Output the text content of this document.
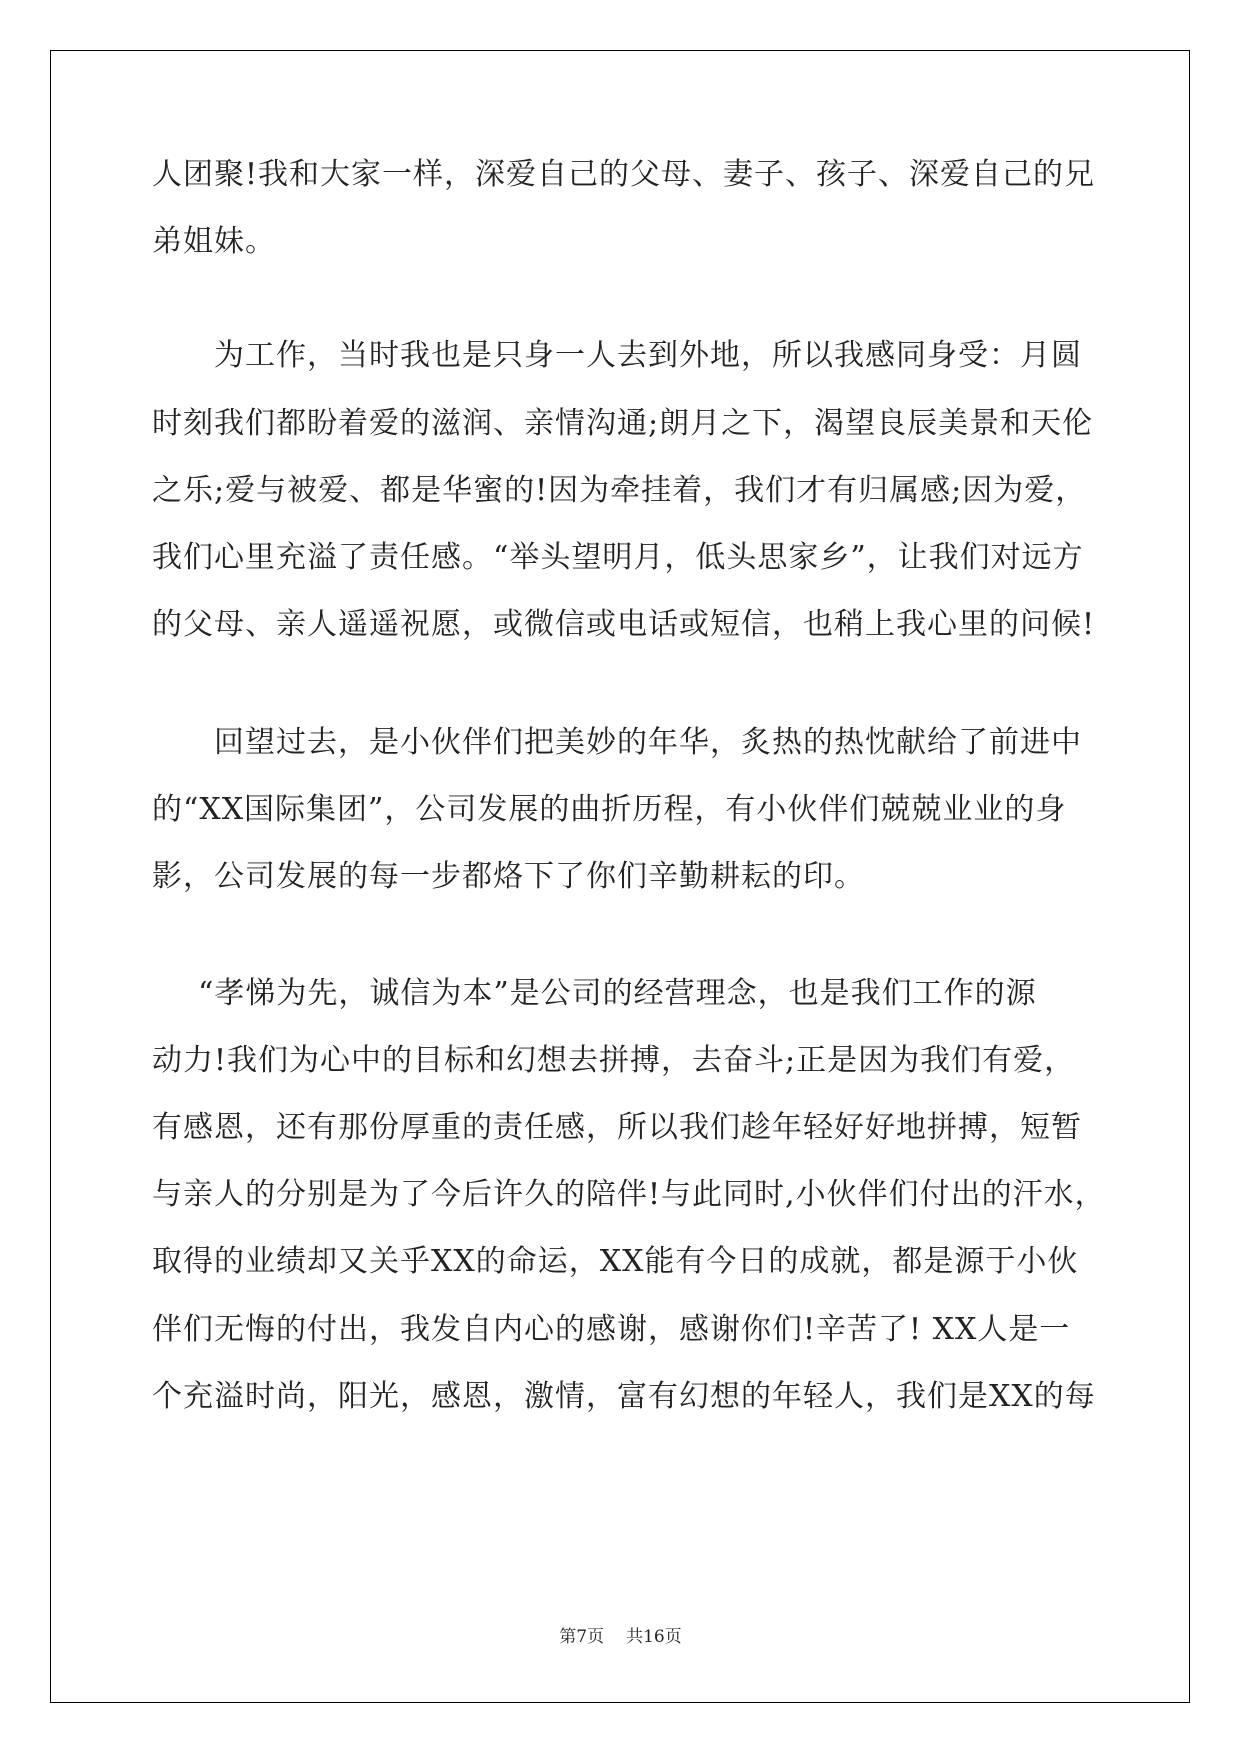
人团聚!我和大家一样，深爱自己的父母、妻子、孩子、深爱自己的兄
弟姐妹。
为工作，当时我也是只身一人去到外地，所以我感同身受：月圆
时刻我们都盼着爱的滋润、亲情沟通;朗月之下，渴望良辰美景和天伦
之乐;爱与被爱、都是华蜜的!因为牵挂着，我们才有归属感;因为爱，
我们心里充溢了责任感。“举头望明月，低头思家乡”，让我们对远方
的父母、亲人遥遥祝愿，或微信或电话或短信，也稍上我心里的问候!
回望过去，是小伙伴们把美妙的年华，炙热的热忱献给了前进中
的“XX国际集团”，公司发展的曲折历程，有小伙伴们兢兢业业的身
影，公司发展的每一步都烙下了你们辛勤耕耘的印。
“孝悌为先，诚信为本”是公司的经营理念，也是我们工作的源
动力!我们为心中的目标和幻想去拼搏，去奋斗;正是因为我们有爱，
有感恩，还有那份厚重的责任感，所以我们趁年轻好好地拼搏，短暂
与亲人的分别是为了今后许久的陪伴!与此同时,小伙伴们付出的汗水，
取得的业绩却又关乎XX的命运，XX能有今日的成就，都是源于小伙
伴们无悔的付出，我发自内心的感谢，感谢你们!辛苦了! XX人是一
个充溢时尚，阳光，感恩，激情，富有幻想的年轻人，我们是XX的每
第7页 共16页
